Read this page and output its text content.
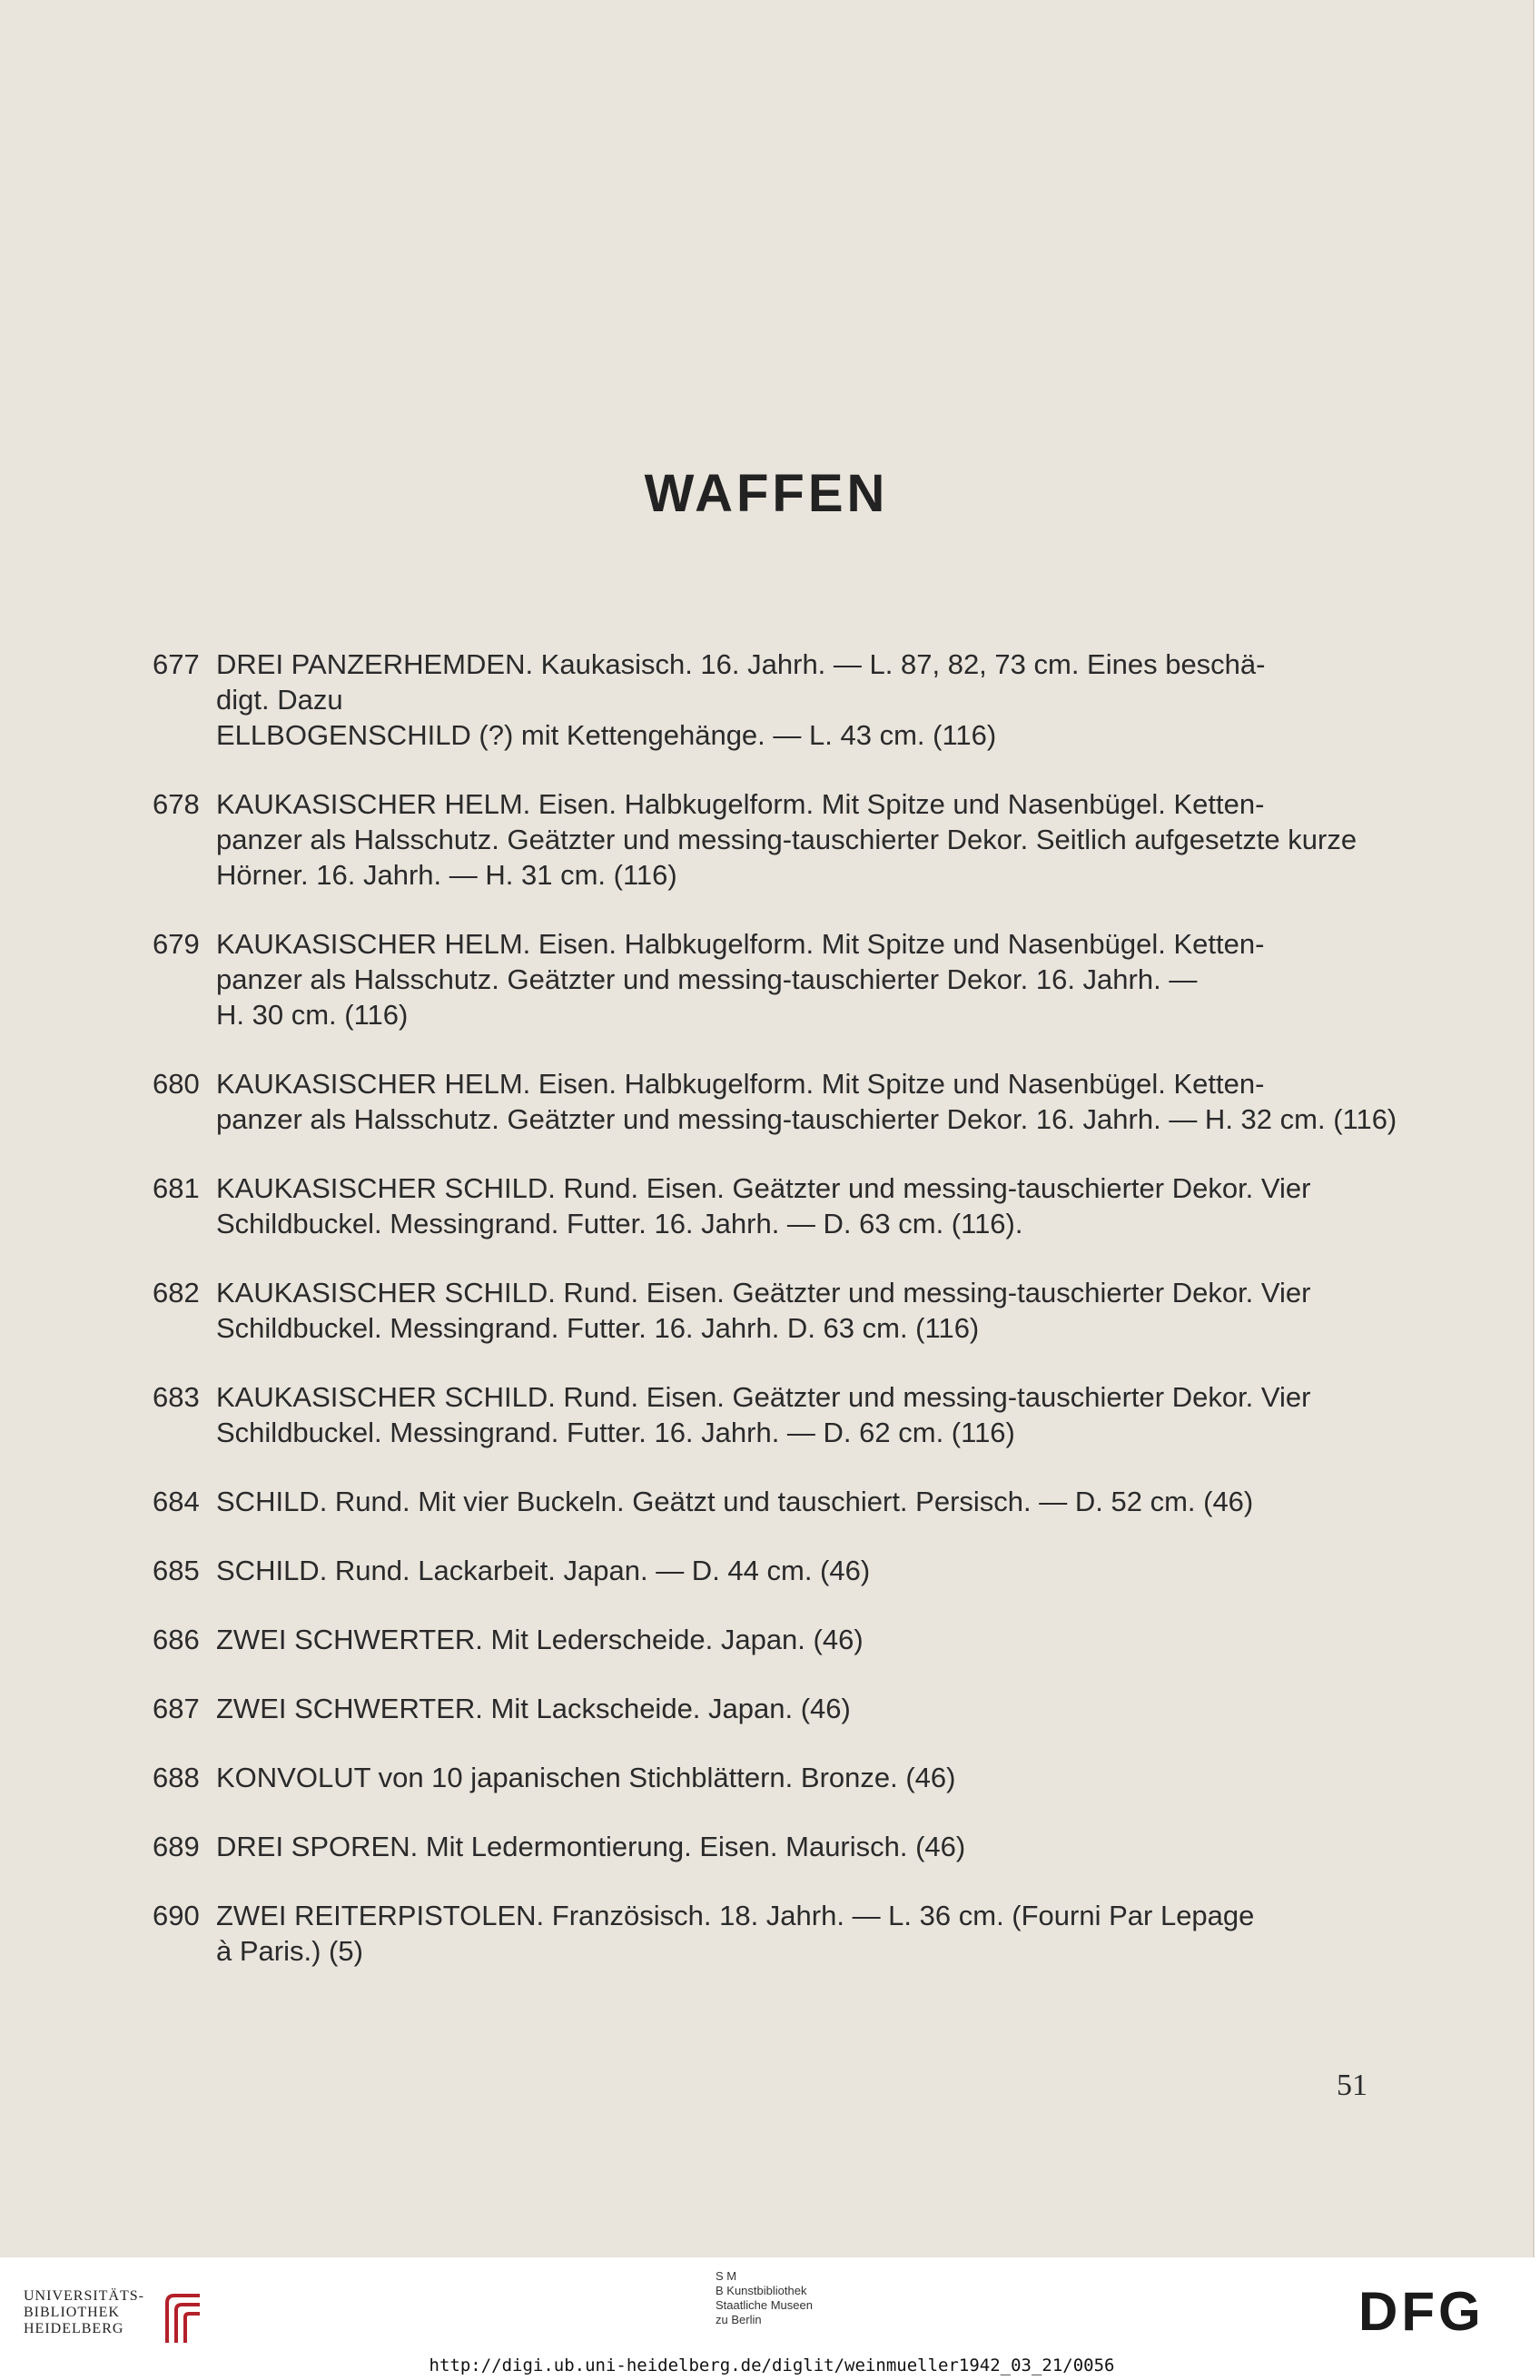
WAFFEN
677 DREI PANZERHEMDEN. Kaukasisch. 16. Jahrh. — L. 87, 82, 73 cm. Eines beschä-
digt. Dazu
ELLBOGENSCHILD (?) mit Kettengehänge. — L. 43 cm. (116)
678 KAUKASISCHER HELM. Eisen. Halbkugelform. Mit Spitze und Nasenbügel. Ketten-
panzer als Halsschutz. Geätzter und messing-tauschierter Dekor. Seitlich aufgesetzte kurze
Hörner. 16. Jahrh. — H. 31 cm. (116)
679 KAUKASISCHER HELM. Eisen. Halbkugelform. Mit Spitze und Nasenbügel. Ketten-
panzer als Halsschutz. Geätzter und messing-tauschierter Dekor. 16. Jahrh. —
H. 30 cm. (116)
680 KAUKASISCHER HELM. Eisen. Halbkugelform. Mit Spitze und Nasenbügel. Ketten-
panzer als Halsschutz. Geätzter und messing-tauschierter Dekor. 16. Jahrh. — H. 32 cm. (116)
681 KAUKASISCHER SCHILD. Rund. Eisen. Geätzter und messing-tauschierter Dekor. Vier
Schildbuckel. Messingrand. Futter. 16. Jahrh. — D. 63 cm. (116).
682 KAUKASISCHER SCHILD. Rund. Eisen. Geätzter und messing-tauschierter Dekor. Vier
Schildbuckel. Messingrand. Futter. 16. Jahrh. D. 63 cm. (116)
683 KAUKASISCHER SCHILD. Rund. Eisen. Geätzter und messing-tauschierter Dekor. Vier
Schildbuckel. Messingrand. Futter. 16. Jahrh. — D. 62 cm. (116)
684 SCHILD. Rund. Mit vier Buckeln. Geätzt und tauschiert. Persisch. — D. 52 cm. (46)
685 SCHILD. Rund. Lackarbeit. Japan. — D. 44 cm. (46)
686 ZWEI SCHWERTER. Mit Lederscheide. Japan. (46)
687 ZWEI SCHWERTER. Mit Lackscheide. Japan. (46)
688 KONVOLUT von 10 japanischen Stichblättern. Bronze. (46)
689 DREI SPOREN. Mit Ledermontierung. Eisen. Maurisch. (46)
690 ZWEI REITERPISTOLEN. Französisch. 18. Jahrh. — L. 36 cm. (Fourni Par Lepage
à Paris.) (5)
51
UNIVERSITÄTS-
BIBLIOTHEK
HEIDELBERG
S M
B Kunstbibliothek
Staatliche Museen
zu Berlin	DFG
http://digi.ub.uni-heidelberg.de/diglit/weinmueller1942_03_21/0056
